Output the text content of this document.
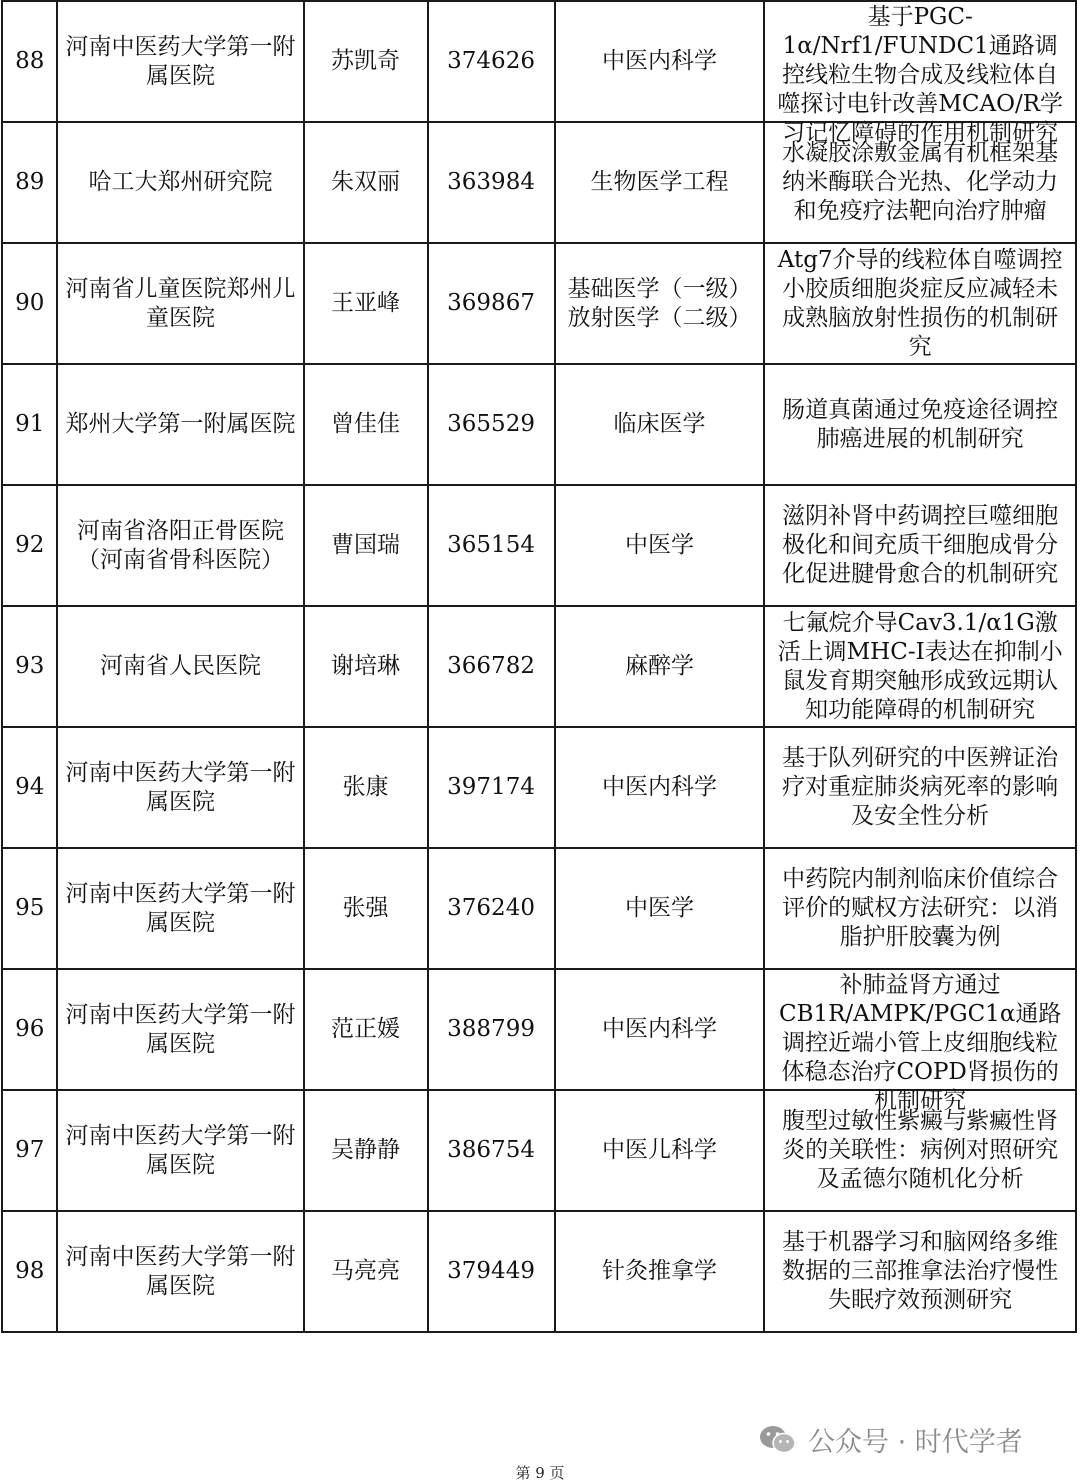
88	河南中医药大学第一附属医院	苏凯奇	374626	中医内科学	基于PGC-1α/Nrf1/FUNDC1通路调控线粒生物合成及线粒体自噬探讨电针改善MCAO/R学习记忆障碍的作用机制研究

89	哈工大郑州研究院	朱双丽	363984	生物医学工程	水凝胶涂敷金属有机框架基纳米酶联合光热、化学动力和免疫疗法靶向治疗肿瘤

90	河南省儿童医院郑州儿童医院	王亚峰	369867	基础医学（一级）
放射医学（二级）	Atg7介导的线粒体自噬调控小胶质细胞炎症反应减轻未成熟脑放射性损伤的机制研究

91	郑州大学第一附属医院	曾佳佳	365529	临床医学	肠道真菌通过免疫途径调控肺癌进展的机制研究

92	河南省洛阳正骨医院（河南省骨科医院）	曹国瑞	365154	中医学	滋阴补肾中药调控巨噬细胞极化和间充质干细胞成骨分化促进腱骨愈合的机制研究

93	河南省人民医院	谢培琳	366782	麻醉学	七氟烷介导Cav3.1/α1G激活上调MHC-Ⅰ表达在抑制小鼠发育期突触形成致远期认知功能障碍的机制研究

94	河南中医药大学第一附属医院	张康	397174	中医内科学	基于队列研究的中医辨证治疗对重症肺炎病死率的影响及安全性分析

95	河南中医药大学第一附属医院	张强	376240	中医学	中药院内制剂临床价值综合评价的赋权方法研究：以消脂护肝胶囊为例

96	河南中医药大学第一附属医院	范正媛	388799	中医内科学	补肺益肾方通过CB1R/AMPK/PGC1α通路调控近端小管上皮细胞线粒体稳态治疗COPD肾损伤的机制研究

97	河南中医药大学第一附属医院	吴静静	386754	中医儿科学	腹型过敏性紫癜与紫癜性肾炎的关联性：病例对照研究及孟德尔随机化分析

98	河南中医药大学第一附属医院	马亮亮	379449	针灸推拿学	基于机器学习和脑网络多维数据的三部推拿法治疗慢性失眠疗效预测研究
第 9 页
公众号 · 时代学者
